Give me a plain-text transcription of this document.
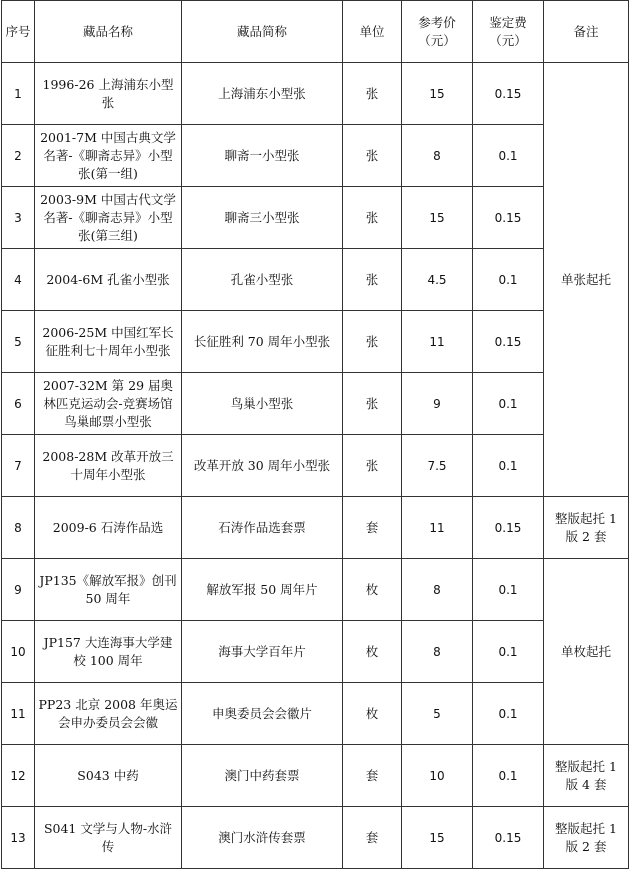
序号	藏品名称	藏品简称	单位	参考价（元）	鉴定费（元）	备注
1	1996-26 上海浦东小型张	上海浦东小型张	张	15	0.15	单张起托
2	2001-7M 中国古典文学名著-《聊斋志异》小型张(第一组)	聊斋一小型张	张	8	0.1	
3	2003-9M 中国古代文学名著-《聊斋志异》小型张(第三组)	聊斋三小型张	张	15	0.15	
4	2004-6M 孔雀小型张	孔雀小型张	张	4.5	0.1	
5	2006-25M 中国红军长征胜利七十周年小型张	长征胜利 70 周年小型张	张	11	0.15	
6	2007-32M 第 29 届奥林匹克运动会-竞赛场馆鸟巢邮票小型张	鸟巢小型张	张	9	0.1	
7	2008-28M 改革开放三十周年小型张	改革开放 30 周年小型张	张	7.5	0.1	
8	2009-6 石涛作品选	石涛作品选套票	套	11	0.15	整版起托 1 版 2 套
9	JP135《解放军报》创刊 50 周年	解放军报 50 周年片	枚	8	0.1	单枚起托
10	JP157 大连海事大学建校 100 周年	海事大学百年片	枚	8	0.1	
11	PP23 北京 2008 年奥运会申办委员会会徽	申奥委员会会徽片	枚	5	0.1	
12	S043 中药	澳门中药套票	套	10	0.1	整版起托 1 版 4 套
13	S041 文学与人物-水浒传	澳门水浒传套票	套	15	0.15	整版起托 1 版 2 套
